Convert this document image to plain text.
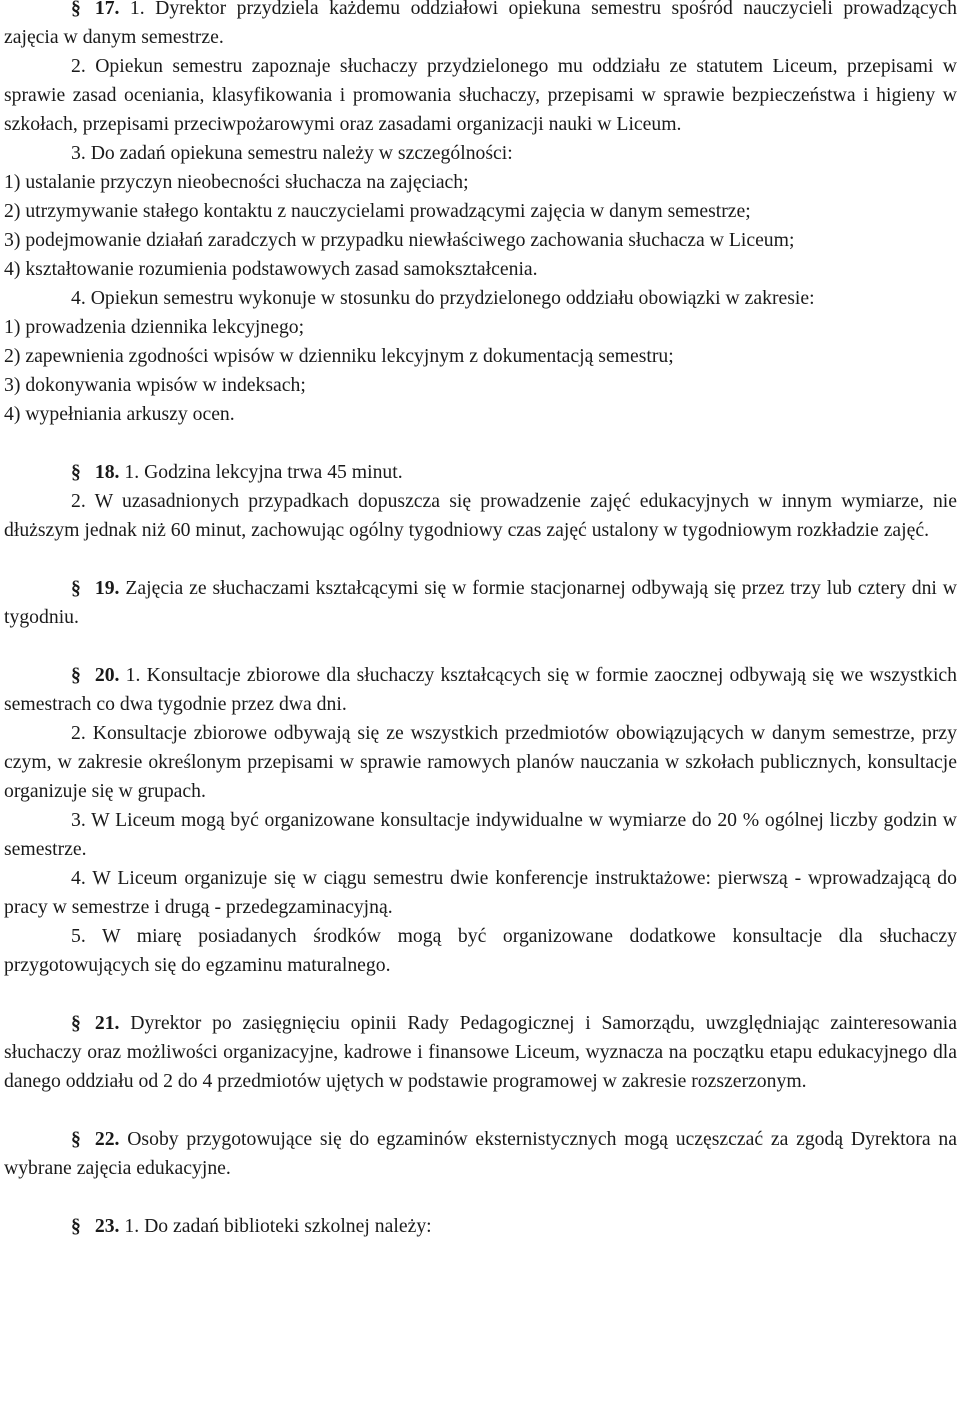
§ 17. 1. Dyrektor przydziela każdemu oddziałowi opiekuna semestru spośród nauczycieli prowadzących zajęcia w danym semestrze.

2. Opiekun semestru zapoznaje słuchaczy przydzielonego mu oddziału ze statutem Liceum, przepisami w sprawie zasad oceniania, klasyfikowania i promowania słuchaczy, przepisami w sprawie bezpieczeństwa i higieny w szkołach, przepisami przeciwpożarowymi oraz zasadami organizacji nauki w Liceum.

3. Do zadań opiekuna semestru należy w szczególności:

1) ustalanie przyczyn nieobecności słuchacza na zajęciach;

2) utrzymywanie stałego kontaktu z nauczycielami prowadzącymi zajęcia w danym semestrze;

3) podejmowanie działań zaradczych w przypadku niewłaściwego zachowania słuchacza w Liceum;

4) kształtowanie rozumienia podstawowych zasad samokształcenia.

4. Opiekun semestru wykonuje w stosunku do przydzielonego oddziału obowiązki w zakresie:

1) prowadzenia dziennika lekcyjnego;

2) zapewnienia zgodności wpisów w dzienniku lekcyjnym z dokumentacją semestru;

3) dokonywania wpisów w indeksach;

4) wypełniania arkuszy ocen.

§ 18. 1. Godzina lekcyjna trwa 45 minut.

2. W uzasadnionych przypadkach dopuszcza się prowadzenie zajęć edukacyjnych w innym wymiarze, nie dłuższym jednak niż 60 minut, zachowując ogólny tygodniowy czas zajęć ustalony w tygodniowym rozkładzie zajęć.

§ 19. Zajęcia ze słuchaczami kształcącymi się w formie stacjonarnej odbywają się przez trzy lub cztery dni w tygodniu.

§ 20. 1. Konsultacje zbiorowe dla słuchaczy kształcących się w formie zaocznej odbywają się we wszystkich semestrach co dwa tygodnie przez dwa dni.

2. Konsultacje zbiorowe odbywają się ze wszystkich przedmiotów obowiązujących w danym semestrze, przy czym, w zakresie określonym przepisami w sprawie ramowych planów nauczania w szkołach publicznych, konsultacje organizuje się w grupach.

3. W Liceum mogą być organizowane konsultacje indywidualne w wymiarze do 20 % ogólnej liczby godzin w semestrze.

4. W Liceum organizuje się w ciągu semestru dwie konferencje instruktażowe: pierwszą - wprowadzającą do pracy w semestrze i drugą - przedegzaminacyjną.

5. W miarę posiadanych środków mogą być organizowane dodatkowe konsultacje dla słuchaczy przygotowujących się do egzaminu maturalnego.

§ 21. Dyrektor po zasięgnięciu opinii Rady Pedagogicznej i Samorządu, uwzględniając zainteresowania słuchaczy oraz możliwości organizacyjne, kadrowe i finansowe Liceum, wyznacza na początku etapu edukacyjnego dla danego oddziału od 2 do 4 przedmiotów ujętych w podstawie programowej w zakresie rozszerzonym.

§ 22. Osoby przygotowujące się do egzaminów eksternistycznych mogą uczęszczać za zgodą Dyrektora na wybrane zajęcia edukacyjne.

§ 23. 1. Do zadań biblioteki szkolnej należy:
